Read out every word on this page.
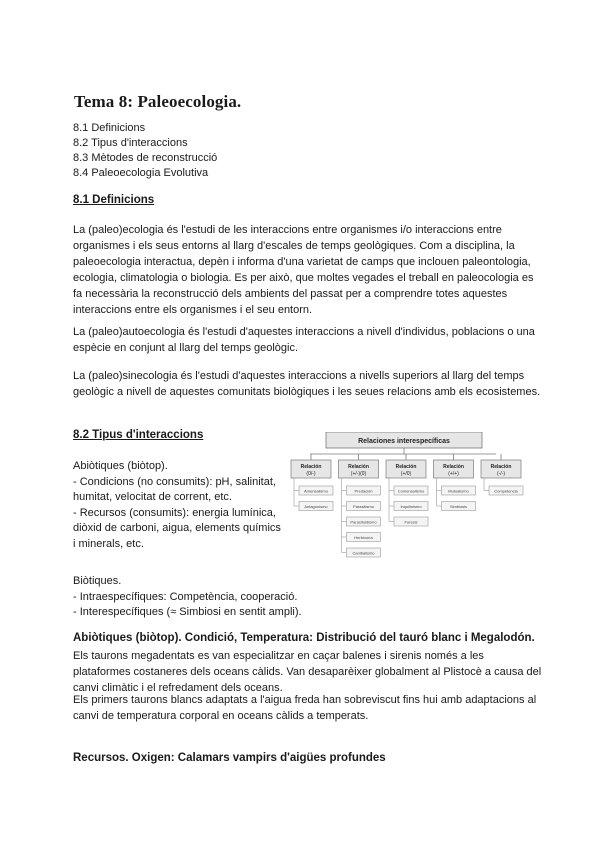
Tema 8: Paleoecologia.
8.1 Definicions
8.2 Tipus d'interaccions
8.3 Mètodes de reconstrucció
8.4 Paleoecologia Evolutiva
8.1 Definicions
La (paleo)ecologia és l'estudi de les interaccions entre organismes i/o interaccions entre organismes i els seus entorns al llarg d'escales de temps geològiques. Com a disciplina, la paleoecologia interactua, depèn i informa d'una varietat de camps que inclouen paleontologia, ecologia, climatologia o biologia. Es per això, que moltes vegades el treball en paleocologia es fa necessària la reconstrucció dels ambients del passat per a comprendre totes aquestes interaccions entre els organismes i el seu entorn.
La (paleo)autoecologia és l'estudi d'aquestes interaccions a nivell d'individus, poblacions o una espècie en conjunt al llarg del temps geològic.
La (paleo)sinecologia és l'estudi d'aquestes interaccions a nivells superiors al llarg del temps geològic a nivell de aquestes comunitats biològiques i les seues relacions amb els ecosistemes.
8.2 Tipus d'interaccions
Abiòtiques (biòtop).
- Condicions (no consumits): pH, salinitat, humitat, velocitat de corrent, etc.
- Recursos (consumits): energia lumínica, diòxid de carboni, aigua, elements químics i minerals, etc.
Biòtiques.
- Intraespecífiques: Competència, cooperació.
- Interespecífiques (≈ Simbiosi en sentit ampli).
Relaciones interespecíficas
Relación
(0/-)
Amensalismo
Antagonismo
Relación
(+/-)(0)
Predación
Parasitismo
Parasitoidismo
Herbivoría
Canibalismo
Relación
(+/0)
Comensalismo
Inquilinismo
Foresis
Relación
(+/+)
Mutualismo
Simbiosis
Relación
(-/-)
Competencia
Abiòtiques (biòtop). Condició, Temperatura: Distribució del tauró blanc i Megalodón.
Els taurons megadentats es van especialitzar en caçar balenes i sirenis només a les plataformes costaneres dels oceans càlids. Van desaparèixer globalment al Plistocè a causa del canvi climàtic i el refredament dels oceans.
Els primers taurons blancs adaptats a l'aigua freda han sobreviscut fins hui amb adaptacions al canvi de temperatura corporal en oceans càlids a temperats.
Recursos. Oxigen: Calamars vampirs d'aigües profundes
